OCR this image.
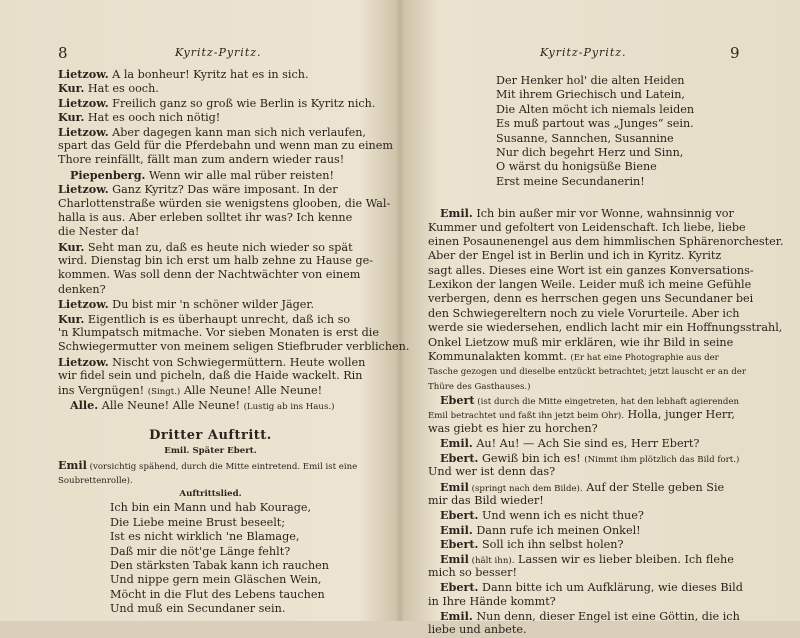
8	Kyritz-Pyritz.
Lietzow. A la bonheur! Kyritz hat es in sich.
Kur. Hat es ooch.
Lietzow. Freilich ganz so groß wie Berlin is Kyritz nich.
Kur. Hat es ooch nich nötig!
Lietzow. Aber dagegen kann man sich nich verlaufen,
spart das Geld für die Pferdebahn und wenn man zu einem
Thore reinfällt, fällt man zum andern wieder raus!
Piepenberg. Wenn wir alle mal rüber reisten!
Lietzow. Ganz Kyritz? Das wäre imposant. In der
Charlottenstraße würden sie wenigstens glooben, die Wal-
halla is aus. Aber erleben solltet ihr was? Ich kenne
die Nester da!
Kur. Seht man zu, daß es heute nich wieder so spät
wird. Dienstag bin ich erst um halb zehne zu Hause ge-
kommen. Was soll denn der Nachtwächter von einem
denken?
Lietzow. Du bist mir 'n schöner wilder Jäger.
Kur. Eigentlich is es überhaupt unrecht, daß ich so
'n Klumpatsch mitmache. Vor sieben Monaten is erst die
Schwiegermutter von meinem seligen Stiefbruder verblichen.
Lietzow. Nischt von Schwiegermüttern. Heute wollen
wir fidel sein und picheln, daß die Haide wackelt. Rin
ins Vergnügen! (Singt.) Alle Neune! Alle Neune!
Alle. Alle Neune! Alle Neune! (Lustig ab ins Haus.)
Dritter Auftritt.
Emil. Später Ebert.
Emil (vorsichtig spähend, durch die Mitte eintretend. Emil ist eine
Soubrettenrolle).
Auftrittslied.
Ich bin ein Mann und hab Kourage,
Die Liebe meine Brust beseelt;
Ist es nicht wirklich 'ne Blamage,
Daß mir die nöt'ge Länge fehlt?
Den stärksten Tabak kann ich rauchen
Und nippe gern mein Gläschen Wein,
Möcht in die Flut des Lebens tauchen
Und muß ein Secundaner sein.
Kyritz-Pyritz.	9
Der Henker hol' die alten Heiden
Mit ihrem Griechisch und Latein,
Die Alten möcht ich niemals leiden
Es muß partout was „Junges“ sein.
Susanne, Sannchen, Susannine
Nur dich begehrt Herz und Sinn,
O wärst du honigsüße Biene
Erst meine Secundanerin!
Emil. Ich bin außer mir vor Wonne, wahnsinnig vor
Kummer und gefoltert von Leidenschaft. Ich liebe, liebe
einen Posaunenengel aus dem himmlischen Sphärenorchester.
Aber der Engel ist in Berlin und ich in Kyritz. Kyritz
sagt alles. Dieses eine Wort ist ein ganzes Konversations-
Lexikon der langen Weile. Leider muß ich meine Gefühle
verbergen, denn es herrschen gegen uns Secundaner bei
den Schwiegereltern noch zu viele Vorurteile. Aber ich
werde sie wiedersehen, endlich lacht mir ein Hoffnungsstrahl,
Onkel Lietzow muß mir erklären, wie ihr Bild in seine
Kommunalakten kommt. (Er hat eine Photographie aus der
Tasche gezogen und dieselbe entzückt betrachtet; jetzt lauscht er an der
Thüre des Gasthauses.)
Ebert (ist durch die Mitte eingetreten, hat den lebhaft agierenden
Emil betrachtet und faßt ihn jetzt beim Ohr). Holla, junger Herr,
was giebt es hier zu horchen?
Emil. Au! Au! — Ach Sie sind es, Herr Ebert?
Ebert. Gewiß bin ich es! (Nimmt ihm plötzlich das Bild fort.)
Und wer ist denn das?
Emil (springt nach dem Bilde). Auf der Stelle geben Sie
mir das Bild wieder!
Ebert. Und wenn ich es nicht thue?
Emil. Dann rufe ich meinen Onkel!
Ebert. Soll ich ihn selbst holen?
Emil (hält ihn). Lassen wir es lieber bleiben. Ich flehe
mich so besser!
Ebert. Dann bitte ich um Aufklärung, wie dieses Bild
in Ihre Hände kommt?
Emil. Nun denn, dieser Engel ist eine Göttin, die ich
liebe und anbete.
